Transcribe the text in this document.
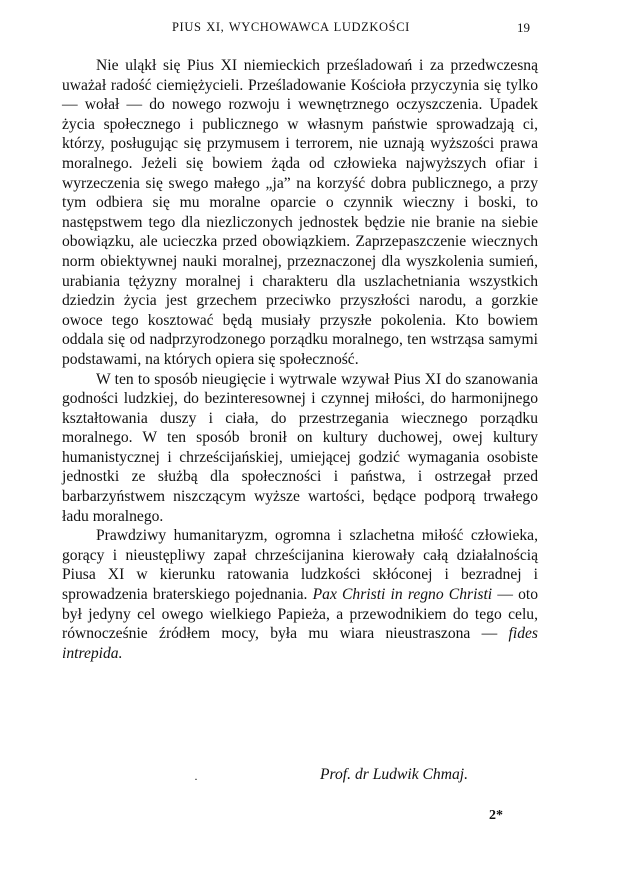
PIUS XI, WYCHOWAWCA LUDZKOŚCI	19

Nie uląkł się Pius XI niemieckich prześladowań i za przedwczesną uważał radość ciemiężycieli. Prześladowanie Kościoła przyczynia się tylko — wołał — do nowego rozwoju i wewnętrznego oczyszczenia. Upadek życia społecznego i publicznego w własnym państwie sprowadzają ci, którzy, posługując się przymusem i terrorem, nie uznają wyższości prawa moralnego. Jeżeli się bowiem żąda od człowieka najwyższych ofiar i wyrzeczenia się swego małego „ja” na korzyść dobra publicznego, a przy tym odbiera się mu moralne oparcie o czynnik wieczny i boski, to następstwem tego dla niezliczonych jednostek będzie nie branie na siebie obowiązku, ale ucieczka przed obowiązkiem. Zaprzepaszczenie wiecznych norm obiektywnej nauki moralnej, przeznaczonej dla wyszkolenia sumień, urabiania tężyzny moralnej i charakteru dla uszlachetniania wszystkich dziedzin życia jest grzechem przeciwko przyszłości narodu, a gorzkie owoce tego kosztować będą musiały przyszłe pokolenia. Kto bowiem oddala się od nadprzyrodzonego porządku moralnego, ten wstrząsa samymi podstawami, na których opiera się społeczność.

W ten to sposób nieugięcie i wytrwale wzywał Pius XI do szanowania godności ludzkiej, do bezinteresownej i czynnej miłości, do harmonijnego kształtowania duszy i ciała, do przestrzegania wiecznego porządku moralnego. W ten sposób bronił on kultury duchowej, owej kultury humanistycznej i chrześcijańskiej, umiejącej godzić wymagania osobiste jednostki ze służbą dla społeczności i państwa, i ostrzegał przed barbarzyństwem niszczącym wyższe wartości, będące podporą trwałego ładu moralnego.

Prawdziwy humanitaryzm, ogromna i szlachetna miłość człowieka, gorący i nieustępliwy zapał chrześcijanina kierowały całą działalnością Piusa XI w kierunku ratowania ludzkości skłóconej i bezradnej i sprowadzenia braterskiego pojednania. Pax Christi in regno Christi — oto był jedyny cel owego wielkiego Papieża, a przewodnikiem do tego celu, równocześnie źródłem mocy, była mu wiara nieustraszona — fides intrepida.

·	Prof. dr Ludwik Chmaj.
2*
